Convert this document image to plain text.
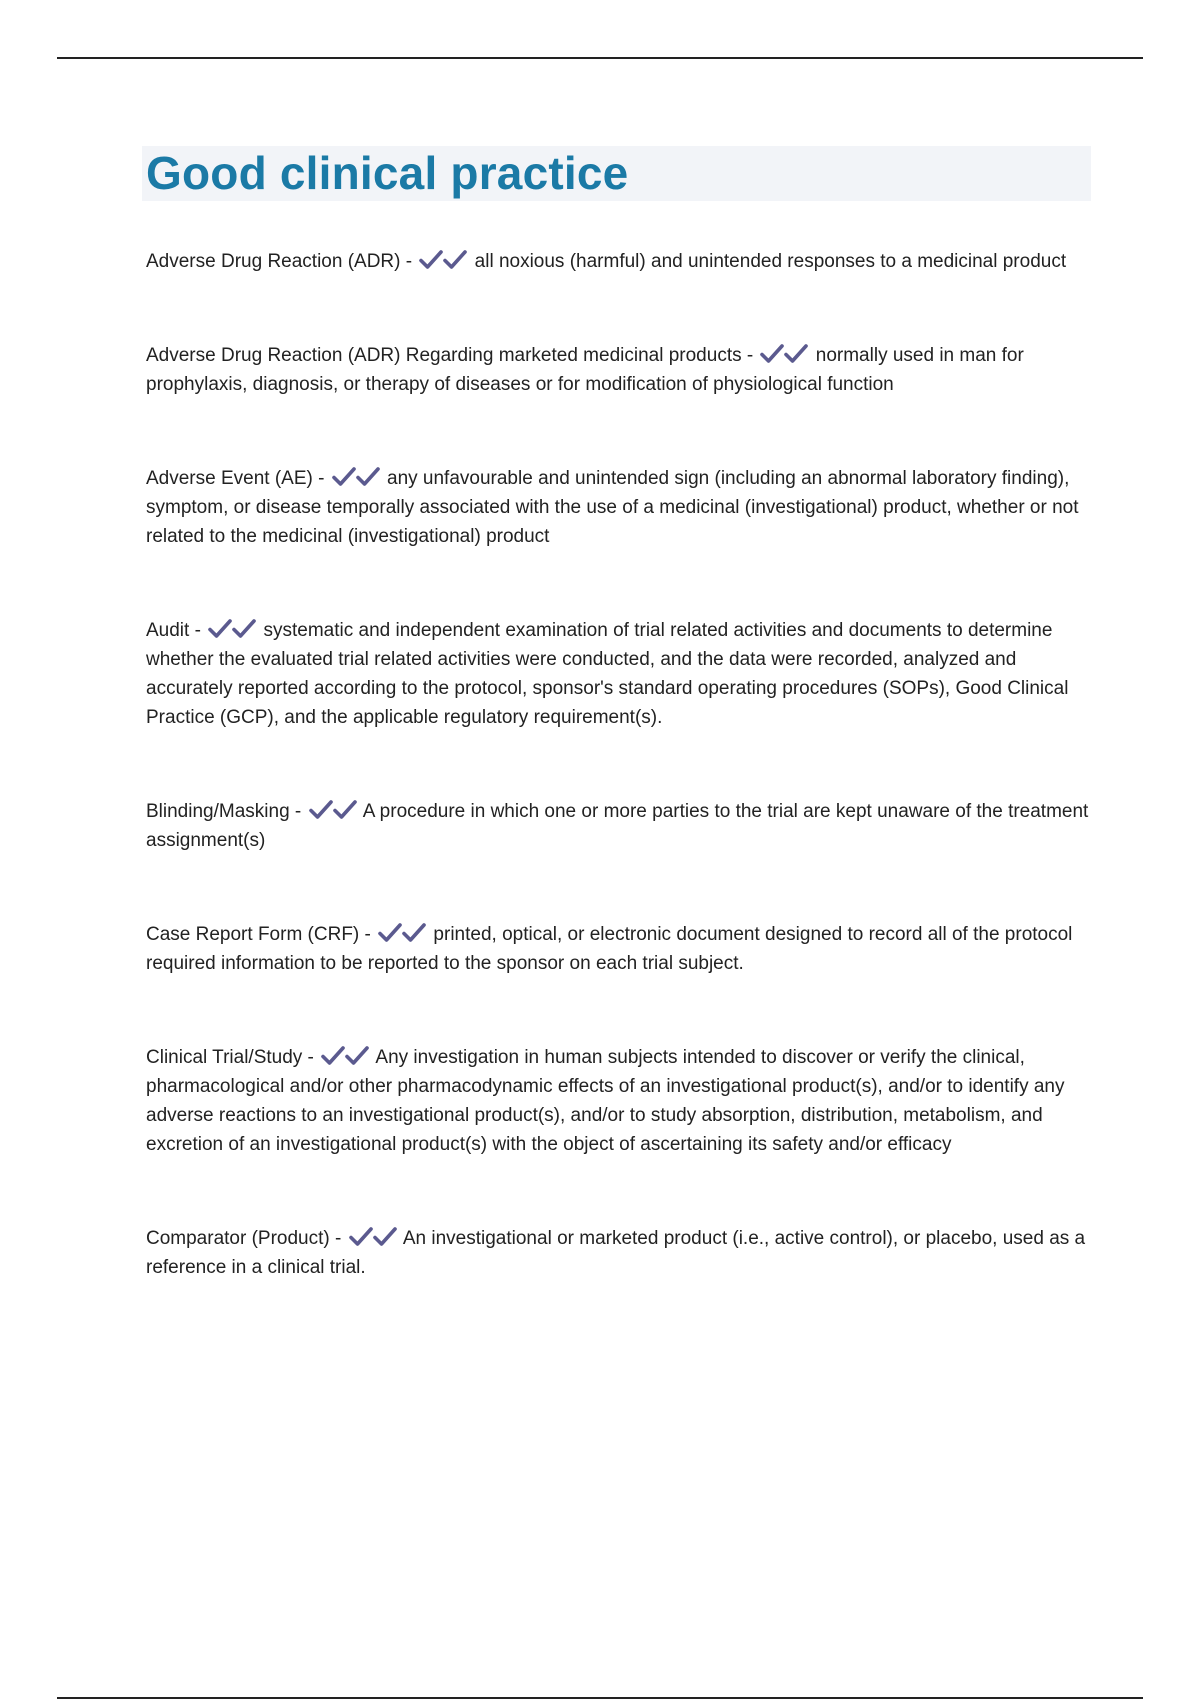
Good clinical practice

Adverse Drug Reaction (ADR) -	all noxious (harmful) and unintended responses to a medicinal product

Adverse Drug Reaction (ADR) Regarding marketed medicinal products -	normally used in man for prophylaxis, diagnosis, or therapy of diseases or for modification of physiological function

Adverse Event (AE) -	any unfavourable and unintended sign (including an abnormal laboratory finding), symptom, or disease temporally associated with the use of a medicinal (investigational) product, whether or not related to the medicinal (investigational) product

Audit -	systematic and independent examination of trial related activities and documents to determine whether the evaluated trial related activities were conducted, and the data were recorded, analyzed and accurately reported according to the protocol, sponsor's standard operating procedures (SOPs), Good Clinical Practice (GCP), and the applicable regulatory requirement(s).

Blinding/Masking -	A procedure in which one or more parties to the trial are kept unaware of the treatment assignment(s)

Case Report Form (CRF) -	printed, optical, or electronic document designed to record all of the protocol required information to be reported to the sponsor on each trial subject.

Clinical Trial/Study -	Any investigation in human subjects intended to discover or verify the clinical, pharmacological and/or other pharmacodynamic effects of an investigational product(s), and/or to identify any adverse reactions to an investigational product(s), and/or to study absorption, distribution, metabolism, and excretion of an investigational product(s) with the object of ascertaining its safety and/or efficacy

Comparator (Product) -	An investigational or marketed product (i.e., active control), or placebo, used as a reference in a clinical trial.
